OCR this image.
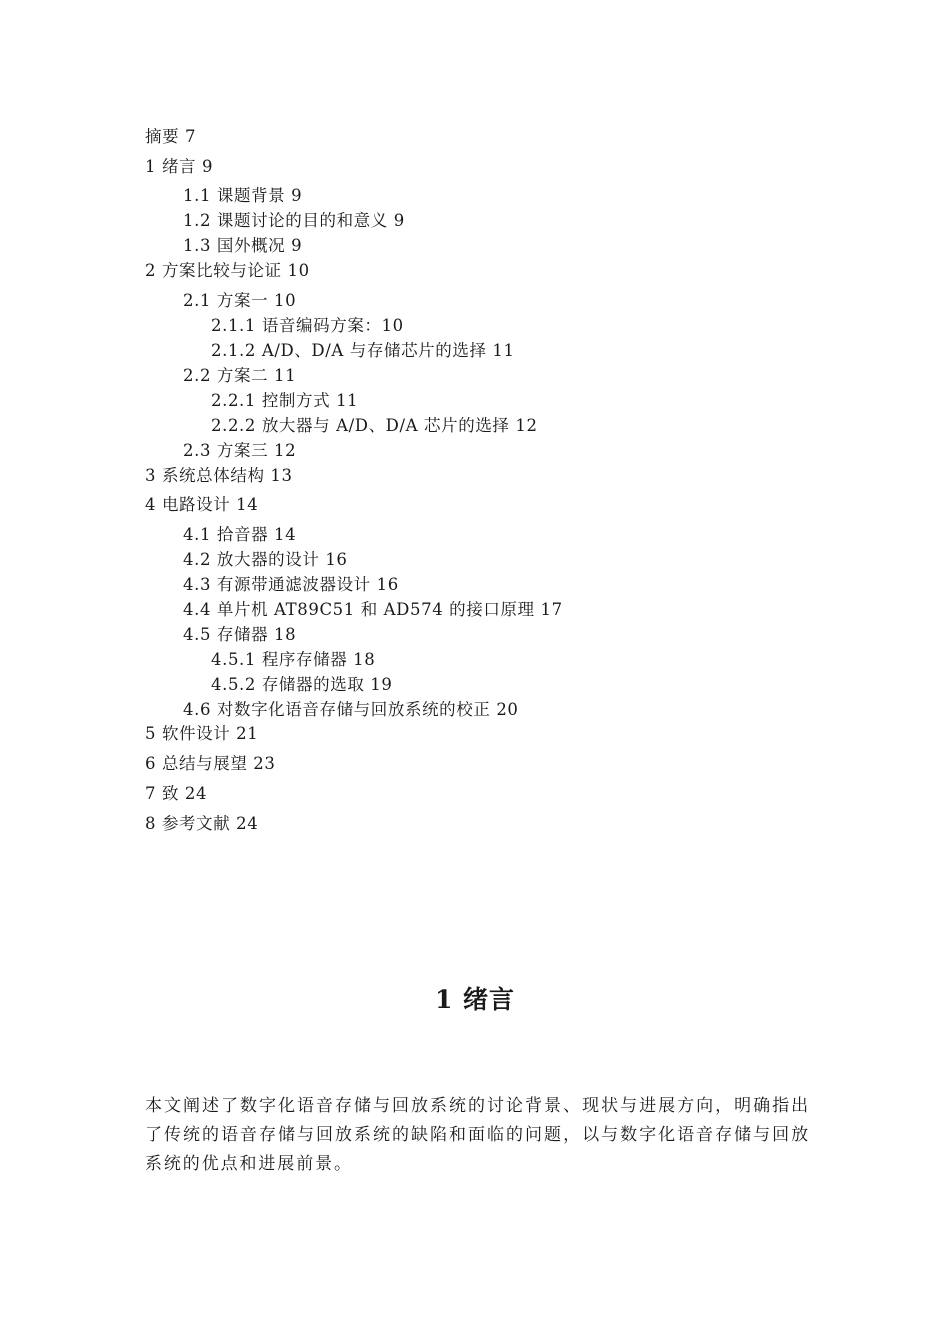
摘要 7
1 绪言 9
1.1 课题背景 9
1.2 课题讨论的目的和意义 9
1.3 国外概况 9
2 方案比较与论证 10
2.1 方案一 10
2.1.1 语音编码方案：10
2.1.2 A/D、D/A 与存储芯片的选择 11
2.2 方案二 11
2.2.1 控制方式 11
2.2.2 放大器与 A/D、D/A 芯片的选择 12
2.3 方案三 12
3 系统总体结构 13
4 电路设计 14
4.1 拾音器 14
4.2 放大器的设计 16
4.3 有源带通滤波器设计 16
4.4 单片机 AT89C51 和 AD574 的接口原理 17
4.5 存储器 18
4.5.1 程序存储器 18
4.5.2 存储器的选取 19
4.6 对数字化语音存储与回放系统的校正 20
5 软件设计 21
6 总结与展望 23
7 致 24
8 参考文献 24
1 绪言

本文阐述了数字化语音存储与回放系统的讨论背景、现状与进展方向，明确指出了传统的语音存储与回放系统的缺陷和面临的问题，以与数字化语音存储与回放系统的优点和进展前景。
